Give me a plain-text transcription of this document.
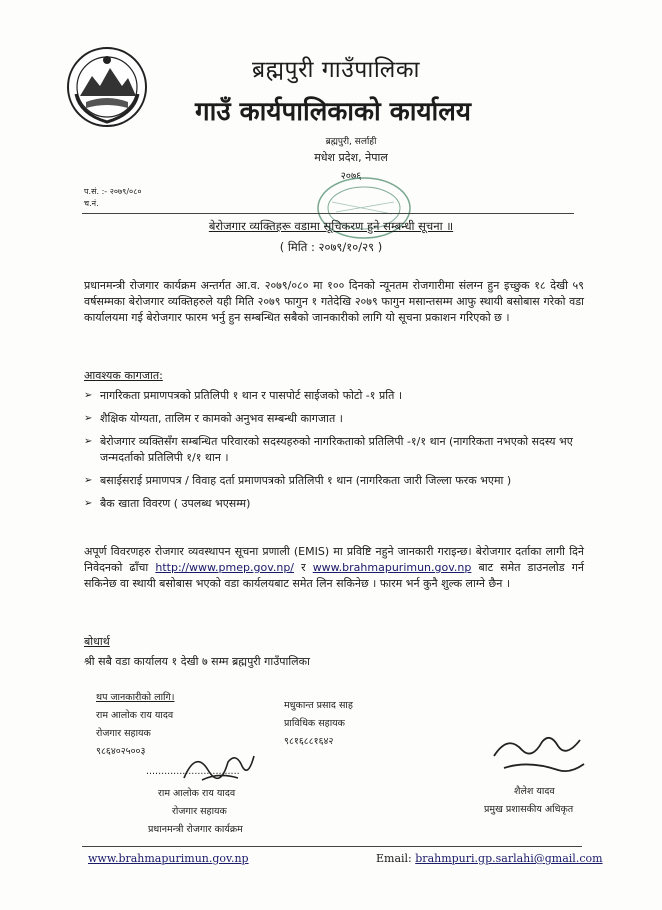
ब्रह्मपुरी गाउँपालिका
गाउँ कार्यपालिकाको कार्यालय
ब्रह्मपुरी, सर्लाही
मधेश प्रदेश, नेपाल
२०७६
प.सं. :- २०७९/०८०
च.नं.
बेरोजगार व्यक्तिहरू वडामा सूचिकरण हुने सम्बन्धी सूचना ॥
( मिति : २०७९/१०/२९ )
प्रधानमन्त्री रोजगार कार्यक्रम अन्तर्गत आ.व. २०७९/०८० मा १०० दिनको न्यूनतम रोजगारीमा संलग्न हुन इच्छुक १८ देखी ५९ वर्षसम्मका बेरोजगार व्यक्तिहरुले यही मिति २०७९ फागुन १ गतेदेखि २०७९ फागुन मसान्तसम्म आफु स्थायी बसोबास गरेको वडा कार्यालयमा गई बेरोजगार फारम भर्नु हुन सम्बन्धित सबैको जानकारीको लागि यो सूचना प्रकाशन गरिएको छ ।
आवश्यक कागजात:
➢ नागरिकता प्रमाणपत्रको प्रतिलिपी १ थान र पासपोर्ट साईजको फोटो -१ प्रति ।
➢ शैक्षिक योग्यता, तालिम र कामको अनुभव सम्बन्धी कागजात ।
➢ बेरोजगार व्यक्तिसँग सम्बन्धित परिवारको सदस्यहरुको नागरिकताको प्रतिलिपी -१/१ थान (नागरिकता नभएको सदस्य भए जन्मदर्ताको प्रतिलिपी १/१ थान ।
➢ बसाईसराई प्रमाणपत्र / विवाह दर्ता प्रमाणपत्रको प्रतिलिपी १ थान (नागरिकता जारी जिल्ला फरक भएमा )
➢ बैक खाता विवरण ( उपलब्ध भएसम्म)
अपूर्ण विवरणहरु रोजगार व्यवस्थापन सूचना प्रणाली (EMIS) मा प्रविष्टि नहुने जानकारी गराइन्छ। बेरोजगार दर्ताका लागी दिने निवेदनको ढाँचा http://www.pmep.gov.np/ र www.brahmapurimun.gov.np बाट समेत डाउनलोड गर्न सकिनेछ वा स्थायी बसोबास भएको वडा कार्यलयबाट समेत लिन सकिनेछ । फारम भर्न कुनै शुल्क लाग्ने छैन ।
बोधार्थ
श्री सबै वडा कार्यालय १ देखी ७ सम्म ब्रह्मपुरी गाउँपालिका
थप जानकारीको लागि।
राम आलोक राय यादव
रोजगार सहायक
९८६४०२५००३
मधुकान्त प्रसाद साह
प्राविधिक सहायक
९८१६८८१६४२
...............................
राम आलोक राय यादव
रोजगार सहायक
प्रधानमन्त्री रोजगार कार्यक्रम
शैलेश यादव
प्रमुख प्रशासकीय अधिकृत
www.brahmapurimun.gov.np	Email: brahmpuri.gp.sarlahi@gmail.com
